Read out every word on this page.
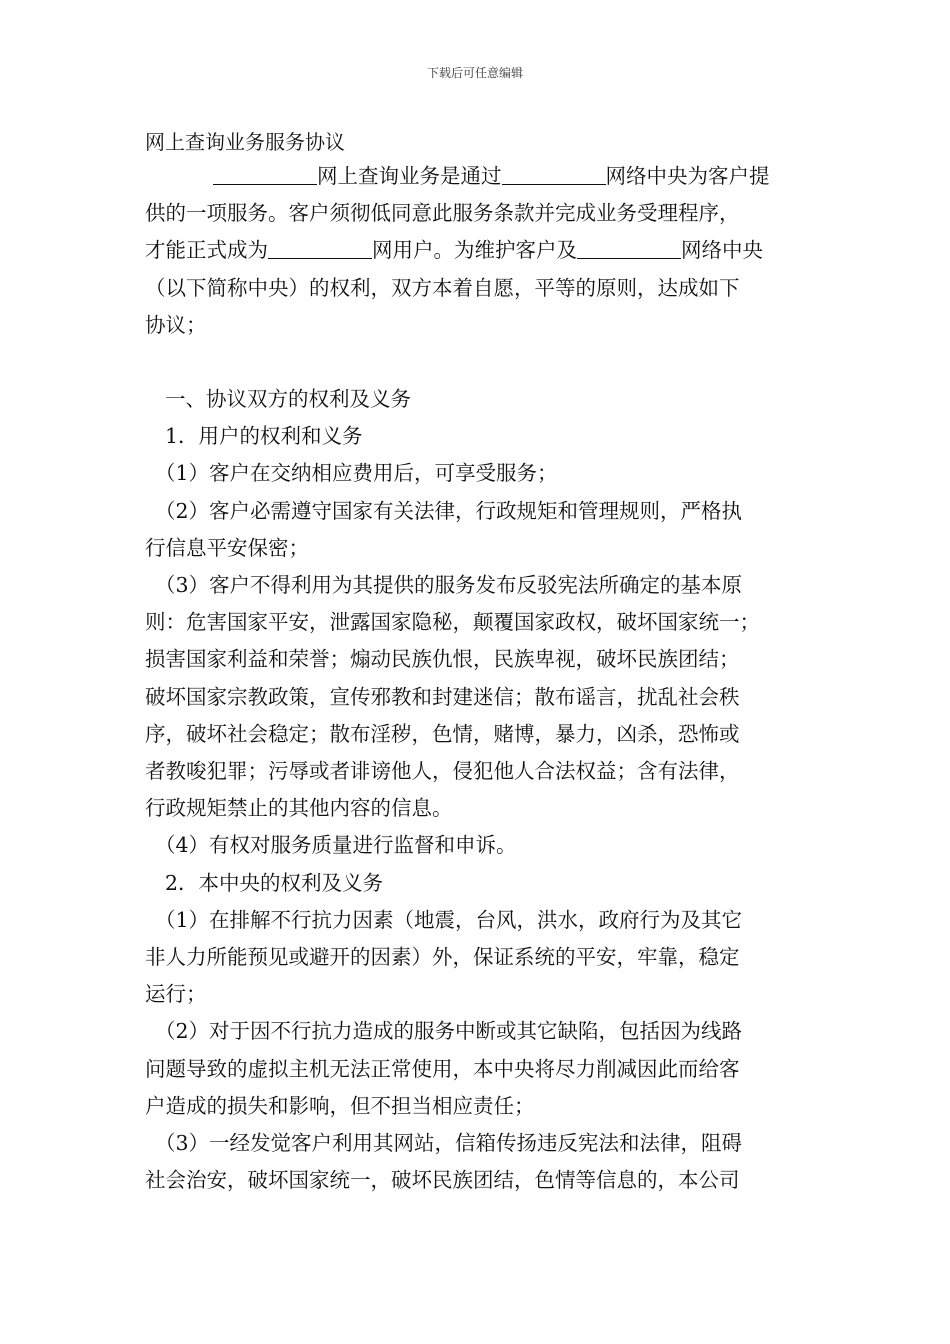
下载后可任意编辑

网上查询业务服务协议

网上查询业务是通过	网络中央为客户提

供的一项服务。客户须彻低同意此服务条款并完成业务受理程序，

才能正式成为	网用户。为维护客户及	网络中央

（以下简称中央）的权利，双方本着自愿，平等的原则，达成如下

协议；

一、协议双方的权利及义务

1．用户的权利和义务

（1）客户在交纳相应费用后，可享受服务；

（2）客户必需遵守国家有关法律，行政规矩和管理规则，严格执

行信息平安保密；

（3）客户不得利用为其提供的服务发布反驳宪法所确定的基本原

则：危害国家平安，泄露国家隐秘，颠覆国家政权，破坏国家统一；

损害国家利益和荣誉；煽动民族仇恨，民族卑视，破坏民族团结；

破坏国家宗教政策，宣传邪教和封建迷信；散布谣言，扰乱社会秩

序，破坏社会稳定；散布淫秽，色情，赌博，暴力，凶杀，恐怖或

者教唆犯罪；污辱或者诽谤他人，侵犯他人合法权益；含有法律，

行政规矩禁止的其他内容的信息。

（4）有权对服务质量进行监督和申诉。

2．本中央的权利及义务

（1）在排解不行抗力因素（地震，台风，洪水，政府行为及其它

非人力所能预见或避开的因素）外，保证系统的平安，牢靠，稳定

运行；

（2）对于因不行抗力造成的服务中断或其它缺陷，包括因为线路

问题导致的虚拟主机无法正常使用，本中央将尽力削减因此而给客

户造成的损失和影响，但不担当相应责任；

（3）一经发觉客户利用其网站，信箱传扬违反宪法和法律，阻碍

社会治安，破坏国家统一，破坏民族团结，色情等信息的，本公司
